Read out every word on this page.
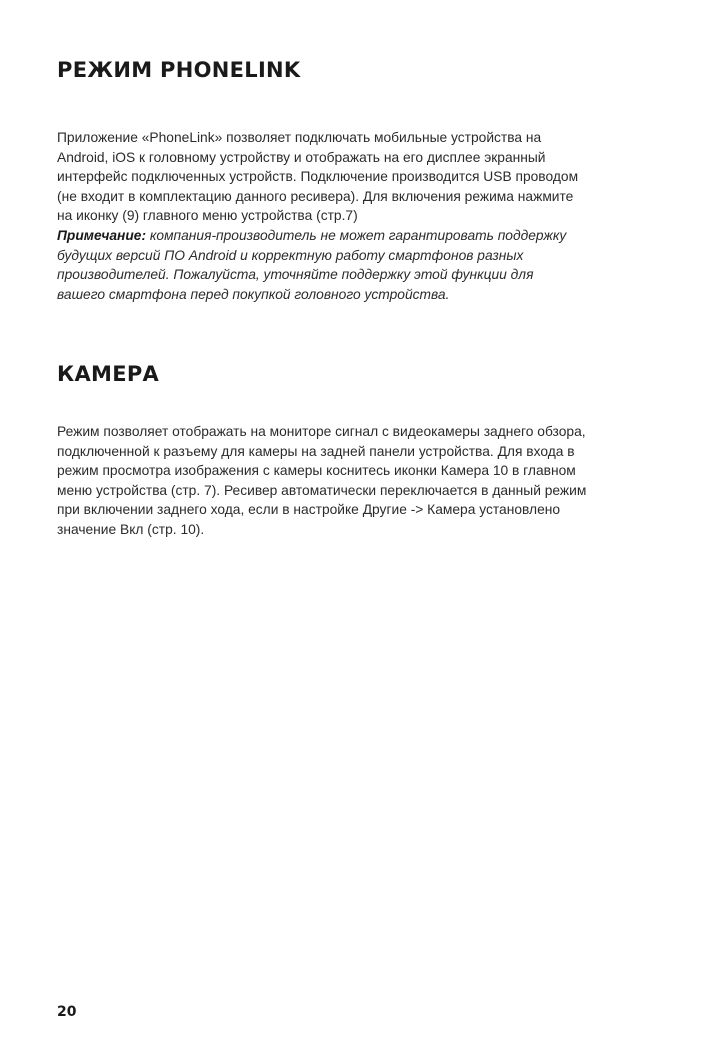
РЕЖИМ PHONELINK
Приложение «PhoneLink» позволяет подключать мобильные устройства на
Android, iOS к головному устройству и отображать на его дисплее экранный
интерфейс подключенных устройств. Подключение производится USB проводом
(не входит в комплектацию данного ресивера). Для включения режима нажмите
на иконку (9) главного меню устройства (стр.7)
Примечание: компания-производитель не может гарантировать поддержку
будущих версий ПО Android и корректную работу смартфонов разных
производителей. Пожалуйста, уточняйте поддержку этой функции для
вашего смартфона перед покупкой головного устройства.
КАМЕРА
Режим позволяет отображать на мониторе сигнал с видеокамеры заднего обзора,
подключенной к разъему для камеры на задней панели устройства. Для входа в
режим просмотра изображения с камеры коснитесь иконки Камера 10 в главном
меню устройства (стр. 7). Ресивер автоматически переключается в данный режим
при включении заднего хода, если в настройке Другие -> Камера установлено
значение Вкл (стр. 10).
20
